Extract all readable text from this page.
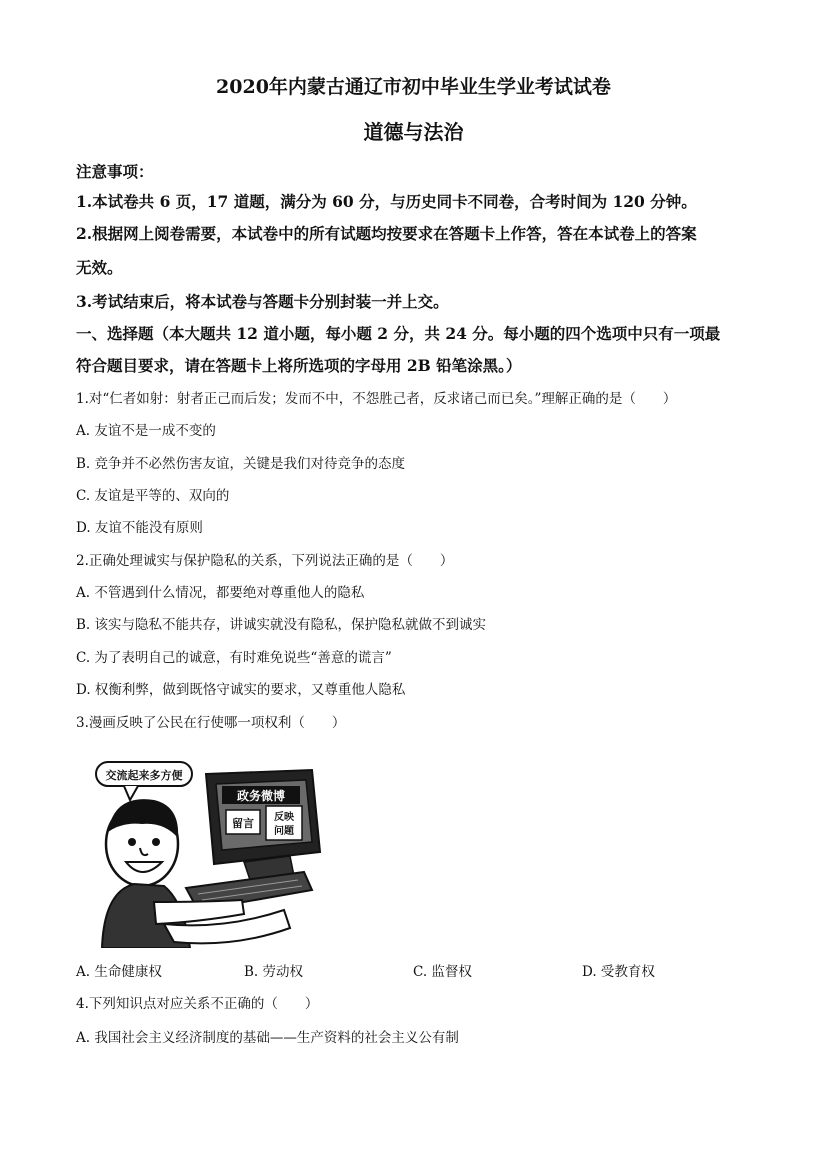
2020年内蒙古通辽市初中毕业生学业考试试卷
道德与法治
注意事项：
1.本试卷共 6 页，17 道题，满分为 60 分，与历史同卡不同卷，合考时间为 120 分钟。
2.根据网上阅卷需要，本试卷中的所有试题均按要求在答题卡上作答，答在本试卷上的答案
无效。
3.考试结束后，将本试卷与答题卡分别封装一并上交。
一、选择题（本大题共 12 道小题，每小题 2 分，共 24 分。每小题的四个选项中只有一项最
符合题目要求，请在答题卡上将所选项的字母用 2B 铅笔涂黑。）
1.对“仁者如射：射者正己而后发；发而不中，不怨胜己者，反求诸己而已矣。”理解正确的是（　　）
A. 友谊不是一成不变的
B. 竞争并不必然伤害友谊，关键是我们对待竞争的态度
C. 友谊是平等的、双向的
D. 友谊不能没有原则
2.正确处理诚实与保护隐私的关系，下列说法正确的是（　　）
A. 不管遇到什么情况，都要绝对尊重他人的隐私
B. 该实与隐私不能共存，讲诚实就没有隐私，保护隐私就做不到诚实
C. 为了表明自己的诚意，有时难免说些“善意的谎言”
D. 权衡利弊，做到既恪守诚实的要求，又尊重他人隐私
3.漫画反映了公民在行使哪一项权利（　　）
交流起来多方便
政务微博
留言 反映
问题
A. 生命健康权	B. 劳动权	C. 监督权	D. 受教育权
4.下列知识点对应关系不正确的（　　）
A. 我国社会主义经济制度的基础——生产资料的社会主义公有制
